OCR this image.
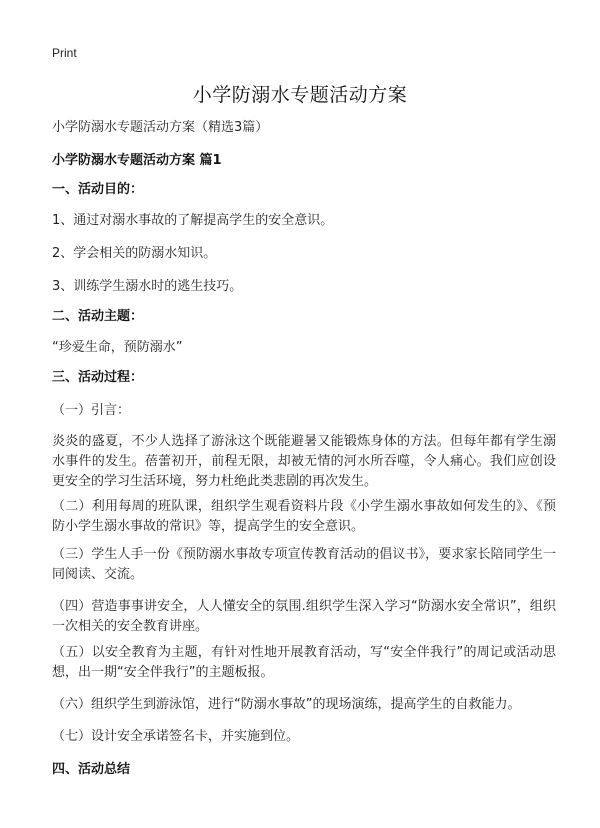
Print
小学防溺水专题活动方案
小学防溺水专题活动方案（精选3篇）
小学防溺水专题活动方案 篇1
一、活动目的：
1、通过对溺水事故的了解提高学生的安全意识。
2、学会相关的防溺水知识。
3、训练学生溺水时的逃生技巧。
二、活动主题：
“珍爱生命，预防溺水”
三、活动过程：
（一）引言：
炎炎的盛夏，不少人选择了游泳这个既能避暑又能锻炼身体的方法。但每年都有学生溺水事件的发生。蓓蕾初开，前程无限，却被无情的河水所吞噬，令人痛心。我们应创设更安全的学习生活环境，努力杜绝此类悲剧的再次发生。
（二）利用每周的班队课，组织学生观看资料片段《小学生溺水事故如何发生的》、《预防小学生溺水事故的常识》等，提高学生的安全意识。
（三）学生人手一份《预防溺水事故专项宣传教育活动的倡议书》，要求家长陪同学生一同阅读、交流。
（四）营造事事讲安全，人人懂安全的氛围.组织学生深入学习“防溺水安全常识”，组织一次相关的安全教育讲座。
（五）以安全教育为主题，有针对性地开展教育活动，写“安全伴我行”的周记或活动思想，出一期“安全伴我行”的主题板报。
（六）组织学生到游泳馆，进行“防溺水事故”的现场演练，提高学生的自救能力。
（七）设计安全承诺签名卡，并实施到位。
四、活动总结
